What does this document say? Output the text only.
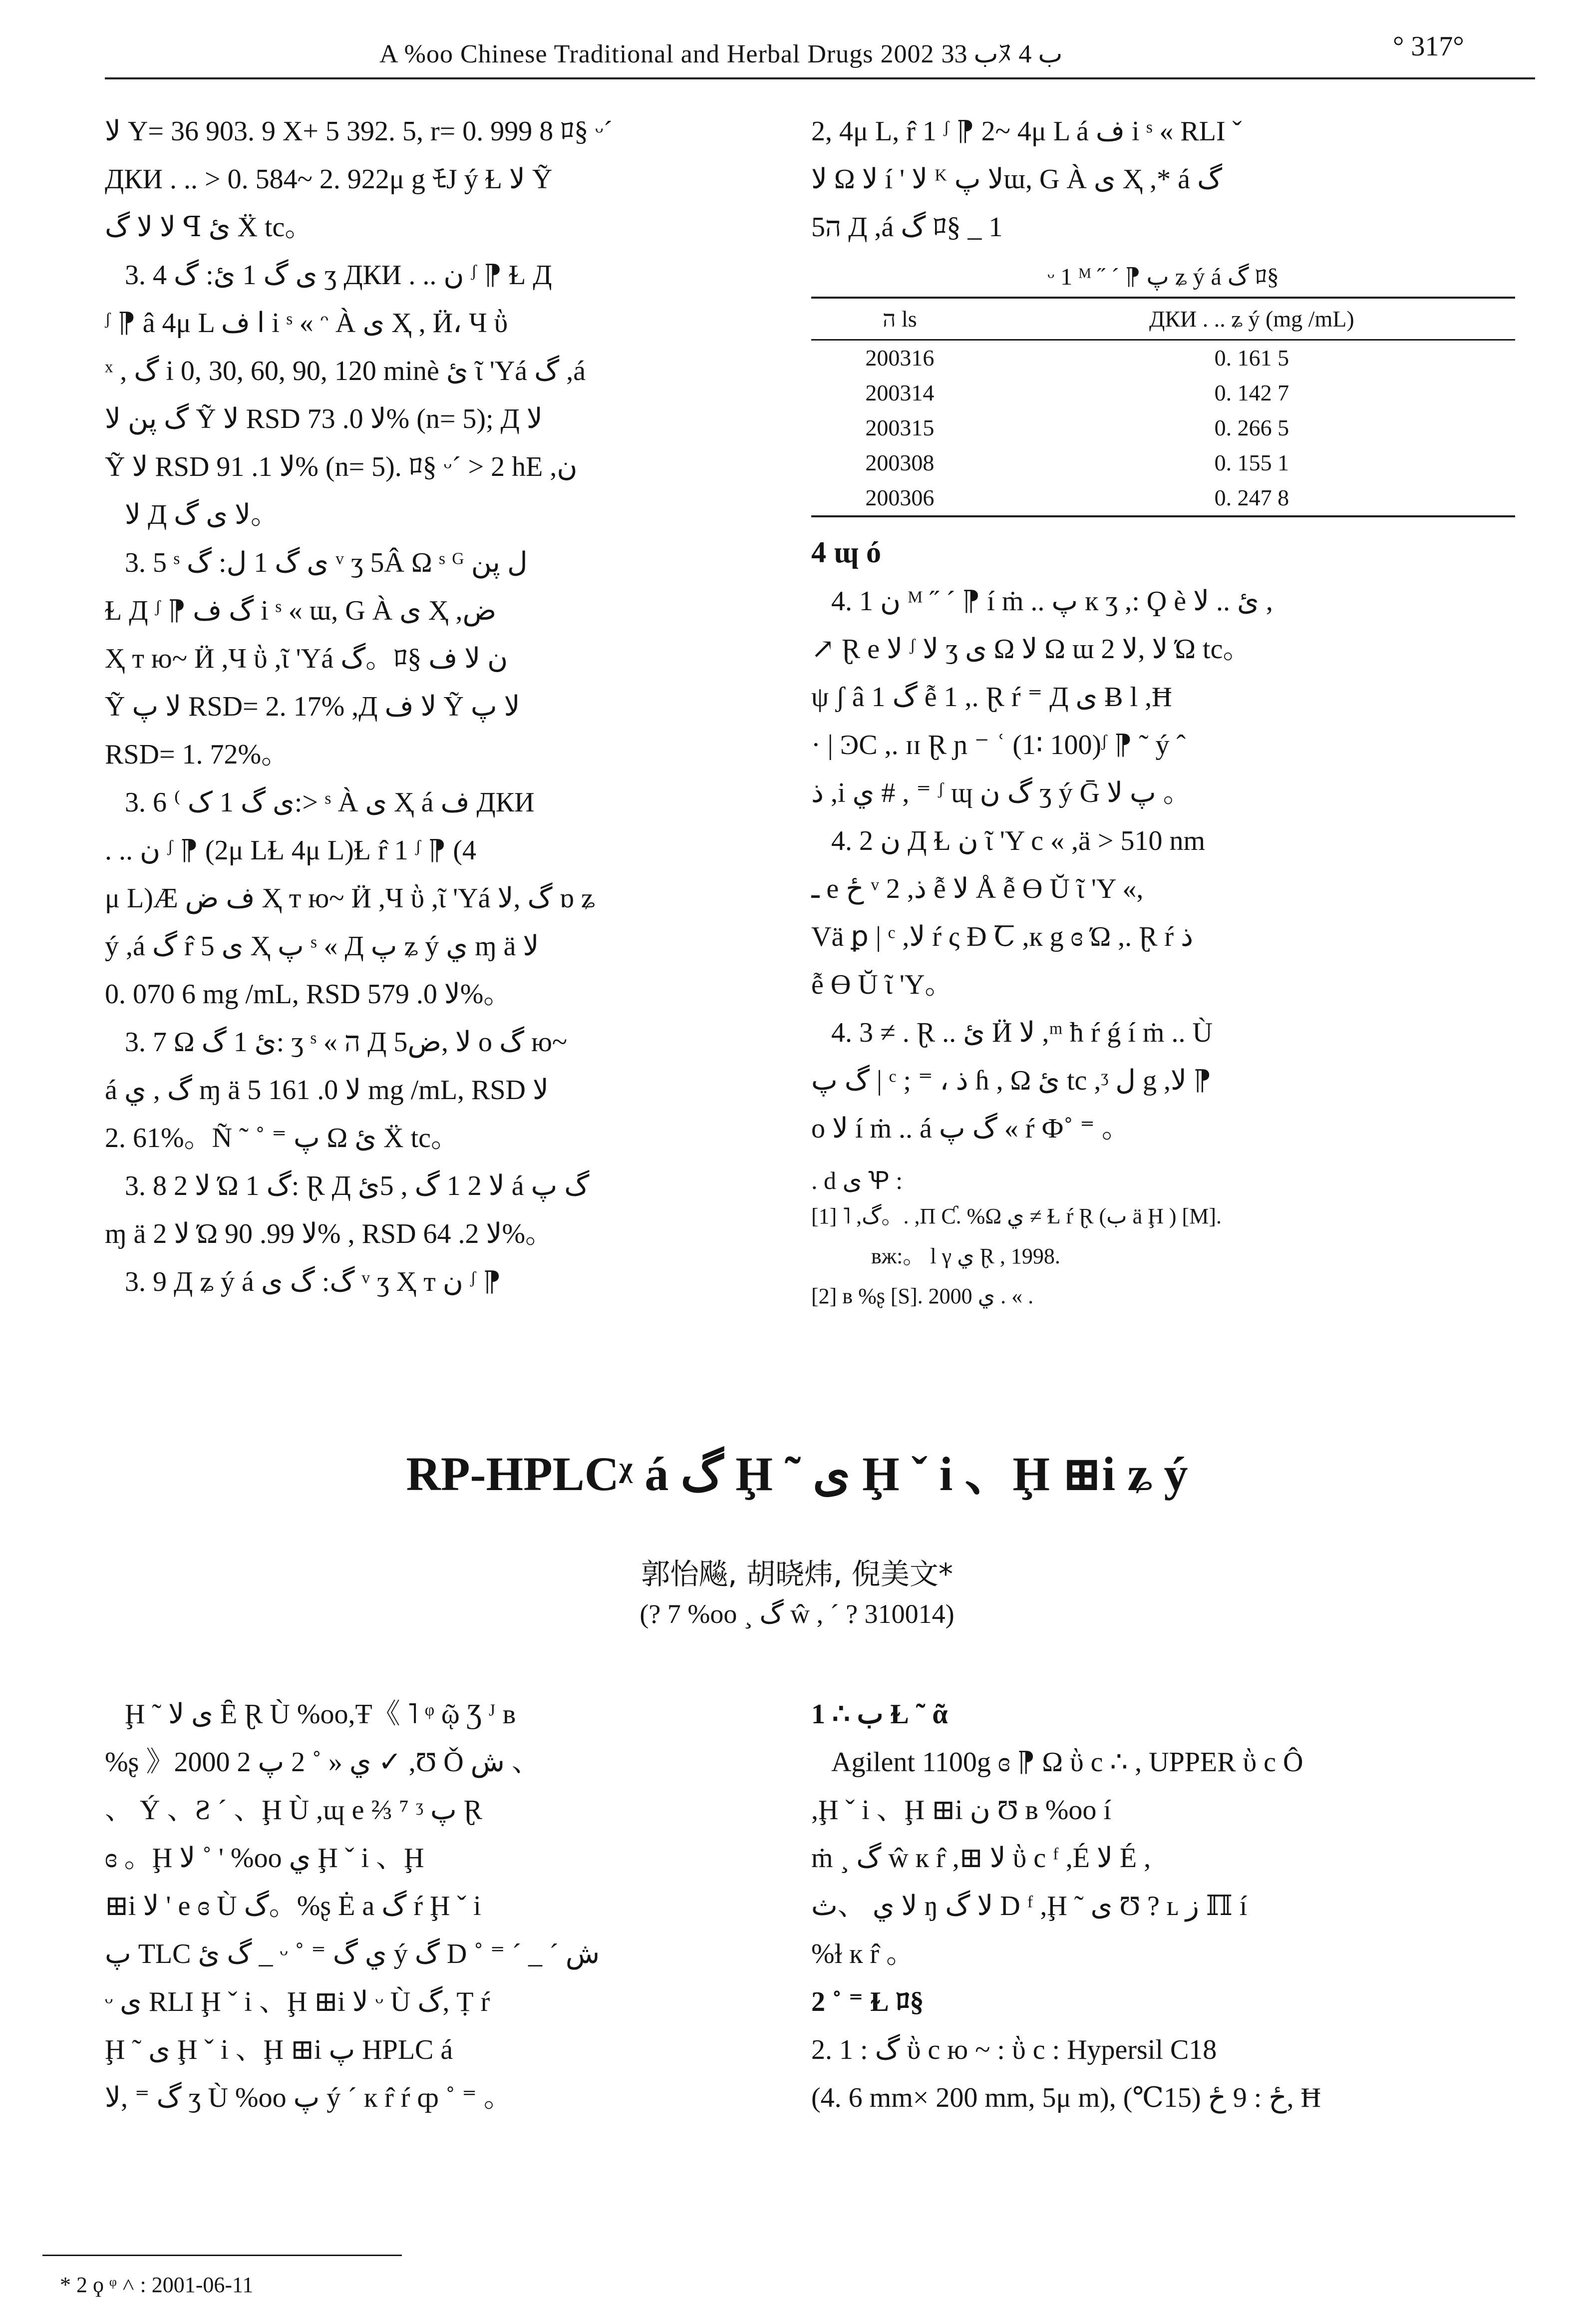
A %oo Chinese Traditional and Herbal Drugs 2002 ب 33ﾇ ب 4	° 317°

ﻻ Y= 36 903. 9 X+ 5 392. 5, r= 0. 999 8 ﾛ§ ᵕ´

ДКИ . .. > 0. 584~ 2. 922μ g ﾓЈ ý Ɫ ﻻ Ỹ

ﻻ ﻻ گ ꟼ ئ Ẍ tc。

3. 4 ى گ 1 ئ: گ ʒ ДКИ . .. ن ᶴ ⁋ Ɫ Д

ᶴ ⁋ â 4μ L ا ف i ˢ « ᵔ À ى Ҳ , Ӥ، Ч ῢ

ˣ , گ i 0, 30, 60, 90, 120 minè ئ ῖ 'Yá گ ,á

گ پن ﻻ Ỹ ﻻ RSD ﻻ 0. 73% (n= 5); Д ﻻ

Ỹ ﻻ RSD ﻻ 1. 91% (n= 5). ﾛ§ ᵕ´ > 2 hE ,ن

ﻻ Д ﻻ ى گ。

3. 5 ˢ ى گ 1 ل: گ ᵛ ʒ 5Â Ω ˢ ᴳ ل پن

Ɫ Д ᶴ ⁋ گ ف i ˢ « ɯ, G À ى Ҳ ,ض

Ҳ т ю~ Ӥ ,Ч ῢ ,ῖ 'Yá گ。ﾛ§ ن ﻻ ف

Ỹ ﻻ پ RSD= 2. 17% ,Д ﻻ ف Ỹ ﻻ پ

RSD= 1. 72%。

3. 6 ⁽ ى گ 1 ک:> ˢ À ى Ҳ á ف ДКИ

. .. ن ᶴ ⁋ (2μ LⱢ 4μ L)Ɫ r̂ 1 ᶴ ⁋ (4

μ L)Æ ف ض Ҳ т ю~ Ӥ ,Ч ῢ ,ῖ 'Yá گ ,ﻻ ɒ ʑ

ý ,á گ r̂ 5 ى Ҳ پ ˢ « Д پ ʑ ý ي ɱ ä ﻻ

0. 070 6 mg /mL, RSD ﻻ 0. 579%。

3. 7 Ω ئ 1 گ: ʒ ˢ « ה Д 5ﻻ ,ض o گ ю~

á گ , ي ɱ ä ﻻ 0. 161 5 mg /mL, RSD ﻻ

2. 61%。Ñ ˜ ˚ ⁼ پ Ω ئ Ẍ tc。

3. 8 ﻻ 2 Ώ 1 گ: Ɽ Д ﻻ 2 1 گ , 5ئ á گ پ

ɱ ä ﻻ 2 Ώ ﻻ 99. 90% , RSD ﻻ 2. 64%。

3. 9 Д ʑ ý á گ: گ ى ᵛ ʒ Ҳ т ن ᶴ ⁋

2, 4μ L, r̂ 1 ᶴ ⁋ 2~ 4μ L á ف i ˢ « RLI ˇ

ﻻ Ω ﻻ í ' ﻻ ᴷ ﻻ پɯ, G À ى Ҳ ,* á گ

5ה Д ,á گ ﾛ§ _ 1

ᵕ 1 ᴹ ˝ ´ ⁋ پ ʑ ý á گ ﾛ§
ה ls	ДКИ . .. ʑ ý (mg /mL)
200316	0. 161 5
200314	0. 142 7
200315	0. 266 5
200308	0. 155 1
200306	0. 247 8

4 ɰ ó

4. 1 ن ᴹ ˝ ´ ⁋ í ṁ .. پ к ʒ ,: Ϙ è ئ .. ﻻ ,

↗ Ɽ e ﻻ ᶴ ﻻ ʒ ى Ω ﻻ Ω ɯ ﻻ ,ﻻ 2 Ώ tc。

ψ ʃ â 1 گ ễ 1 ,. Ɽ ŕ ⁼ Д ى Ƀ l ,Ħ

· | ϿC ,. ɪɪ Ɽ ɲ ⁻ ʿ (1∶ 100)ᶴ ⁋ ˜ ý ˆ

ذ ,i ي # , ⁼ ᶴ ɰ گ ن ʒ ý Ḡ پ ﻻ 。

4. 2 ن Д Ɫ ن ῖ 'Y c « ,ä > 510 nm

ـ e ځ ᵛ 2 ,ذ ễ ﻻ Å ễ ϴ Ŭ ῖ 'Y «,

Vä ꝑ | ᶜ ,ﻻ ŕ ς Ð Ꞇ ,к g ɞ Ώ ,. Ɽ ŕ ذ

ễ ϴ Ŭ ῖ 'Y。

4. 3 ≠ . Ɽ .. ئ Ӥ ﻻ ,ᵐ ħ ŕ ǵ í ṁ .. Ù

گ پ | ᶜ ; ⁼ ، ذ ɦ , Ω ئ tc ,ᶾ ل g ,ﻻ ⁋

o ﻻ í ṁ .. á گ پ « ŕ Ф˚ ⁼ 。

. d ى Ꝕ :

[1] ˥ ,گ。. ,Π Ƈ. %Ω ي ≠ Ɫ ŕ Ɽ (ب ä Ḩ ) [M].

ʙж:。 l γ ي Ɽ , 1998.

[2] ʙ %ʂ [S]. 2000 ي . « .

RP-HPLCᵡ á گ Ḩ ˜ ى Ḩ ˇ i 、Ḩ ⊞i ʑ ý
郭怡飚, 胡晓炜, 倪美文*
(? 7 %oo ¸ گ ŵ , ´ ? 310014)

Ḩ ˜ ى ﻻ Ȇ Ɽ Ù %oo,Ŧ《 ˥ ᵠ ῷ Ʒ ᴶ ʙ

%ʂ 》2000 ي « ˚ 2 پ 2 ✓ ,Ʊ Ǒ ش 、

、 Ý 、Ƨ ´ 、Ḩ Ù ,ɰ e ⅔ ⁷ ᶾ پ Ɽ

ɞ 。Ḩ ﻻ ˚ ' %oo ي Ḩ ˇ i 、Ḩ

⊞i ﻻ ' e ɞ Ù گ。%ʂ Ė a گ ŕ Ḩ ˇ i

پ TLC گ ئ _ ᵕ ˚ ⁼ ي گ ý گ D ˚ ⁼ ´ _ ´ ش

ᵕ ى RLI Ḩ ˇ i 、Ḩ ⊞i ﻻ ᵕ Ù گ, Ṭ ŕ

Ḩ ˜ ى Ḩ ˇ i 、Ḩ ⊞i پ HPLC á

گ ⁼ ,ﻻ ʒ Ù %oo پ ý ´ к r̂ ŕ ȹ ˚ ⁼ 。

1 ∴ ب Ɫ ˜ ᾶ

Agilent 1100g ɞ ⁋ Ω ῢ c ∴ , UPPER ῢ c Ô

,Ḩ ˇ i 、Ḩ ⊞i ن Ʊ ʙ %oo í

ṁ ¸ گ ŵ к r̂ ,⊞ ﻻ ῢ c ᶠ ,É ﻻ É ,

ﻻ ي 、ث ŋ ﻻ گ D ᶠ ,Ḩ ˜ ى Ʊ ? ʟ ز ℿ í

%ɫ к r̂ 。

2 ˚ ⁼ Ɫ ﾛ§

2. 1 : گ ῢ c ю ~ : ῢ c : Hypersil C18

(4. 6 mm× 200 mm, 5μ m), ځ : 9 ځ (15℃), Ħ

* 2 ϙ ᵠ ˄ : 2001-06-11
